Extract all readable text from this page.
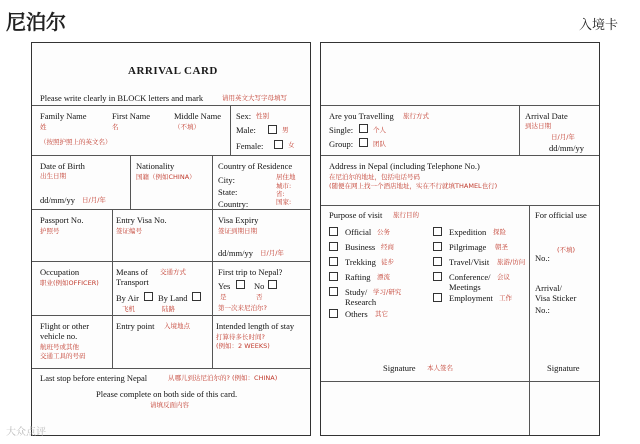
尼泊尔	入境卡
ARRIVAL CARD
Please write clearly in BLOCK letters and mark	请用英文大写字母填写
Family Name
姓
First Name
名
Middle Name
（不填）
（按照护照上的英文名）
Sex: 性别
Male:	男
Female:	女
Date of Birth
出生日期
dd/mm/yy 日/月/年
Nationality
国籍（例如CHINA）
Country of Residence
City:	居住地
State:
城市:
省:
Country:	国家:
Passport No.
护照号
Entry Visa No.
签证编号
Visa Expiry
签证到期日期
dd/mm/yy 日/月/年
Occupation
职业(例如OFFICER)
Means of
Transport
交通方式
By Air
飞机
By Land
陆路
First trip to Nepal?
Yes	No
是	否
第一次来尼泊尔?
Flight or other
vehicle no.
航班号或其他
交通工具的号码
Entry point 入境地点	Intended length of stay
打算待多长时间?
(例如：2 WEEKS)
Last stop before entering Nepal	从哪儿到达尼泊尔的? (例如：CHINA)
Please complete on both side of this card.
请填反面内容
Are you Travelling 旅行方式
Single:	个人
Group:	团队
Arrival Date
到达日期
日/月/年
dd/mm/yy
Address in Nepal (including Telephone No.)
在尼泊尔的地址，包括电话号码
(随便在网上找一个酒店地址，实在不行就填THAMEL也行)
Purpose of visit 旅行目的
Official 公务
Business 经商
Trekking 徒步
Rafting 漂流
Study/ 学习/研究
Research
Others 其它
Expedition 探险
Pilgrimage 朝圣
Travel/Visit 旅游/访问
Conference/ 会议
Meetings
Employment 工作
For official use
(不填)
No.:
Arrival/
Visa Sticker
No.:
Signature 本人签名	Signature
大众点评
